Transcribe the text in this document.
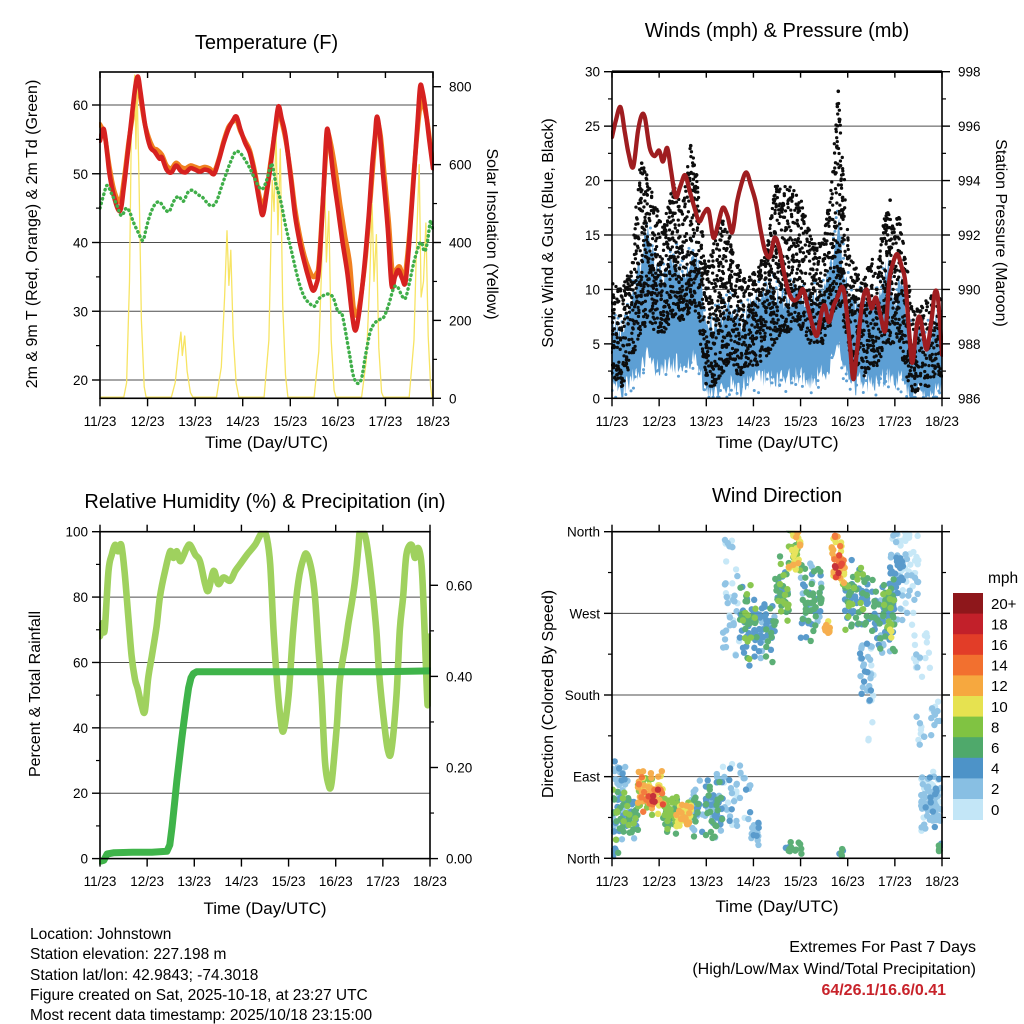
11/23 12/23 13/23 14/23 15/23 16/23 17/23 18/23
20
30
40
50
60
0
200
400
600
800
11/23 12/23 13/23 14/23 15/23 16/23 17/23 18/23
0
5
10
15
20
25
30
986
988
990
992
994
996
998
11/23 12/23 13/23 14/23 15/23 16/23 17/23 18/23
0
20
40
60
80
100
0.00
0.20
0.40
0.60
11/23 12/23 13/23 14/23 15/23 16/23 17/23 18/23
North
West
South
East
North
20+
18
16
14
12
10
8
6
4
2
0
Temperature (F)
Winds (mph) & Pressure (mb)
Relative Humidity (%) & Precipitation (in)	Wind Direction
Time (Day/UTC)	Time (Day/UTC)
Time (Day/UTC)	Time (Day/UTC)
2m & 9m T (Red, Orange) & 2m Td (Green)	Solar Insolation (Yellow)	Sonic Wind & Gust (Blue, Black)	Station Pressure (Maroon)
Percent & Total Rainfall	Direction (Colored By Speed)
mph
Location: Johnstown
Station elevation: 227.198 m
Station lat/lon: 42.9843; -74.3018
Figure created on Sat, 2025-10-18, at 23:27 UTC
Most recent data timestamp: 2025/10/18 23:15:00
Extremes For Past 7 Days
(High/Low/Max Wind/Total Precipitation)
64/26.1/16.6/0.41
